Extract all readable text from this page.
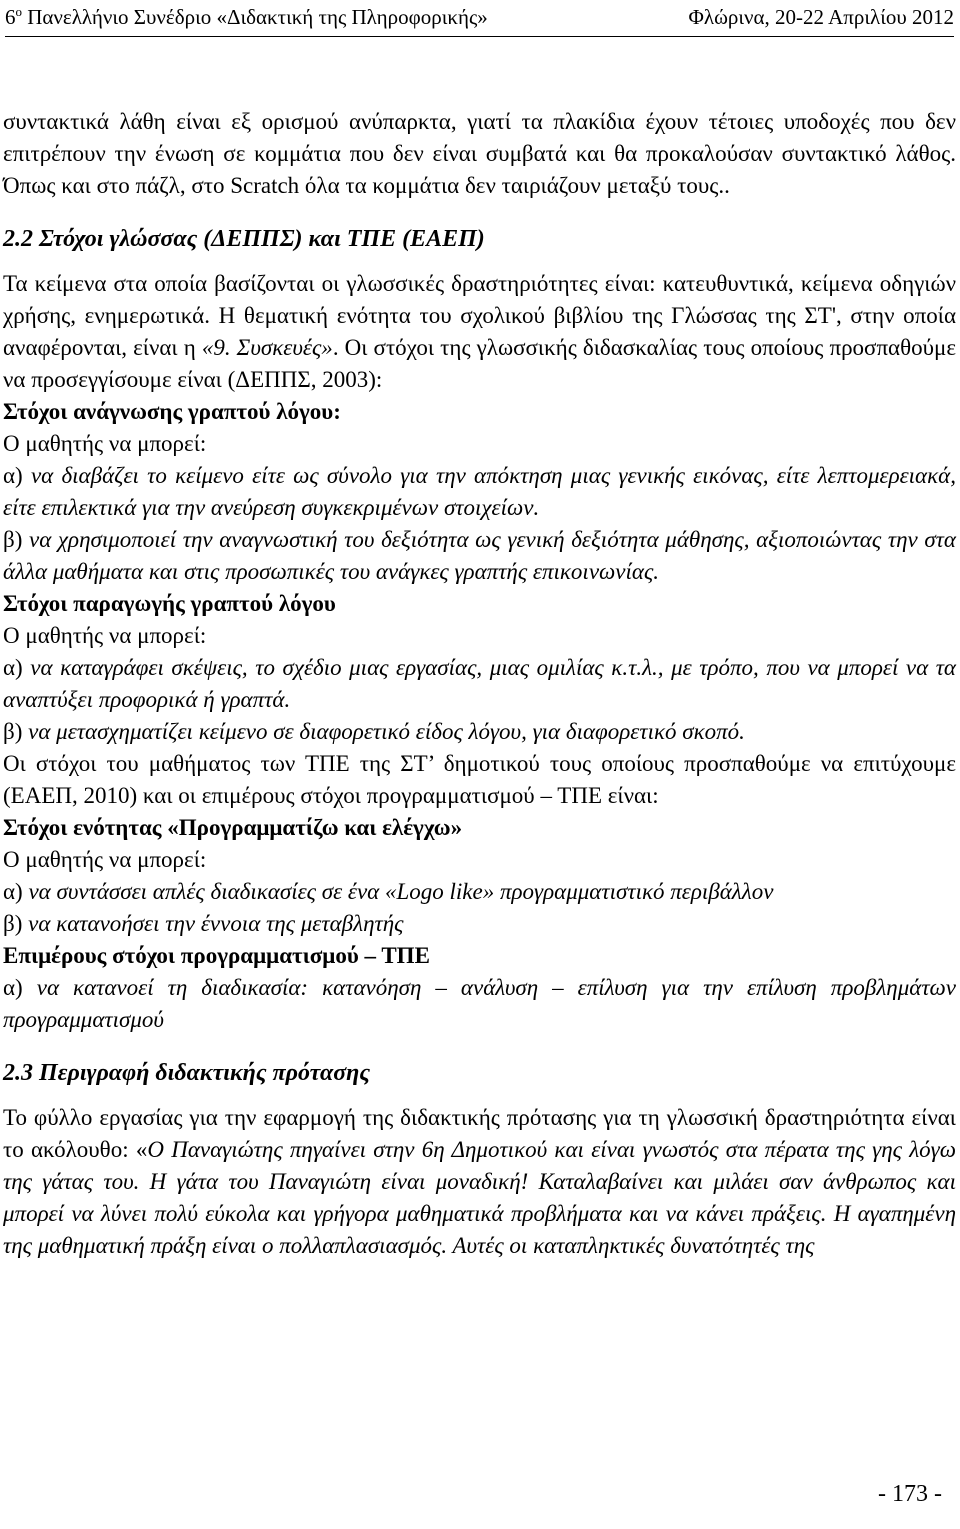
$6^o$ Πανελλήνιο Συνέδριο «Διδακτική της Πληροφορικής»	Φλώρινα, 20-22 Απριλίου 2012

συντακτικά λάθη είναι εξ ορισμού ανύπαρκτα, γιατί τα πλακίδια έχουν τέτοιες υποδοχές που δεν επιτρέπουν την ένωση σε κομμάτια που δεν είναι συμβατά και θα προκαλούσαν συντακτικό λάθος. Όπως και στο πάζλ, στο Scratch όλα τα κομμάτια δεν ταιριάζουν μεταξύ τους..

2.2 Στόχοι γλώσσας (ΔΕΠΠΣ) και ΤΠΕ (ΕΑΕΠ)

Τα κείμενα στα οποία βασίζονται οι γλωσσικές δραστηριότητες είναι: κατευθυντικά, κείμενα οδηγιών χρήσης, ενημερωτικά. Η θεματική ενότητα του σχολικού βιβλίου της Γλώσσας της ΣΤ', στην οποία αναφέρονται, είναι η «9. Συσκευές». Οι στόχοι της γλωσσικής διδασκαλίας τους οποίους προσπαθούμε να προσεγγίσουμε είναι (ΔΕΠΠΣ, 2003):

Στόχοι ανάγνωσης γραπτού λόγου:

Ο μαθητής να μπορεί:

α) να διαβάζει το κείμενο είτε ως σύνολο για την απόκτηση μιας γενικής εικόνας, είτε λεπτομερειακά, είτε επιλεκτικά για την ανεύρεση συγκεκριμένων στοιχείων.

β) να χρησιμοποιεί την αναγνωστική του δεξιότητα ως γενική δεξιότητα μάθησης, αξιοποιώντας την στα άλλα μαθήματα και στις προσωπικές του ανάγκες γραπτής επικοινωνίας.

Στόχοι παραγωγής γραπτού λόγου

Ο μαθητής να μπορεί:

α) να καταγράφει σκέψεις, το σχέδιο μιας εργασίας, μιας ομιλίας κ.τ.λ., με τρόπο, που να μπορεί να τα αναπτύξει προφορικά ή γραπτά.

β) να μετασχηματίζει κείμενο σε διαφορετικό είδος λόγου, για διαφορετικό σκοπό.

Οι στόχοι του μαθήματος των ΤΠΕ της ΣΤ’ δημοτικού τους οποίους προσπαθούμε να επιτύχουμε (ΕΑΕΠ, 2010) και οι επιμέρους στόχοι προγραμματισμού – ΤΠΕ είναι:

Στόχοι ενότητας «Προγραμματίζω και ελέγχω»

Ο μαθητής να μπορεί:

α) να συντάσσει απλές διαδικασίες σε ένα «Logo like» προγραμματιστικό περιβάλλον

β) να κατανοήσει την έννοια της μεταβλητής

Επιμέρους στόχοι προγραμματισμού – ΤΠΕ

α) να κατανοεί τη διαδικασία: κατανόηση – ανάλυση – επίλυση για την επίλυση προβλημάτων προγραμματισμού

2.3 Περιγραφή διδακτικής πρότασης

Το φύλλο εργασίας για την εφαρμογή της διδακτικής πρότασης για τη γλωσσική δραστηριότητα είναι το ακόλουθο: «Ο Παναγιώτης πηγαίνει στην 6η Δημοτικού και είναι γνωστός στα πέρατα της γης λόγω της γάτας του. Η γάτα του Παναγιώτη είναι μοναδική! Καταλαβαίνει και μιλάει σαν άνθρωπος και μπορεί να λύνει πολύ εύκολα και γρήγορα μαθηματικά προβλήματα και να κάνει πράξεις. Η αγαπημένη της μαθηματική πράξη είναι ο πολλαπλασιασμός. Αυτές οι καταπληκτικές δυνατότητές της

- 173 -
